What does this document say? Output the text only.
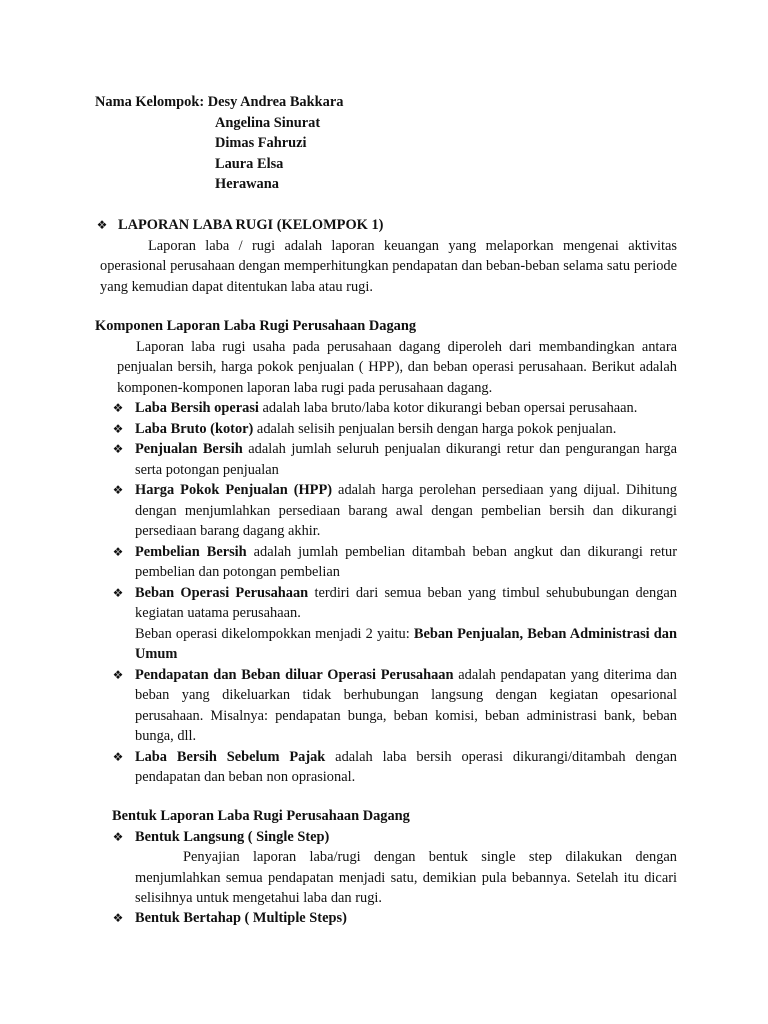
Nama Kelompok: Desy Andrea Bakkara
Angelina Sinurat
Dimas Fahruzi
Laura Elsa
Herawana
❖ LAPORAN LABA RUGI (KELOMPOK 1)
Laporan laba / rugi adalah laporan keuangan yang melaporkan mengenai aktivitas operasional perusahaan dengan memperhitungkan pendapatan dan beban-beban selama satu periode yang kemudian dapat ditentukan laba atau rugi.
Komponen Laporan Laba Rugi Perusahaan Dagang
Laporan laba rugi usaha pada perusahaan dagang diperoleh dari membandingkan antara penjualan bersih, harga pokok penjualan ( HPP), dan beban operasi perusahaan. Berikut adalah komponen-komponen laporan laba rugi pada perusahaan dagang.
❖ Laba Bersih operasi adalah laba bruto/laba kotor dikurangi beban opersai perusahaan.
❖ Laba Bruto (kotor) adalah selisih penjualan bersih dengan harga pokok penjualan.
❖ Penjualan Bersih adalah jumlah seluruh penjualan dikurangi retur dan pengurangan harga serta potongan penjualan
❖ Harga Pokok Penjualan (HPP) adalah harga perolehan persediaan yang dijual. Dihitung dengan menjumlahkan persediaan barang awal dengan pembelian bersih dan dikurangi persediaan barang dagang akhir.
❖ Pembelian Bersih adalah jumlah pembelian ditambah beban angkut dan dikurangi retur pembelian dan potongan pembelian
❖ Beban Operasi Perusahaan terdiri dari semua beban yang timbul sehububungan dengan kegiatan uatama perusahaan.
Beban operasi dikelompokkan menjadi 2 yaitu: Beban Penjualan, Beban Administrasi dan Umum
❖ Pendapatan dan Beban diluar Operasi Perusahaan adalah pendapatan yang diterima dan beban yang dikeluarkan tidak berhubungan langsung dengan kegiatan opesarional perusahaan. Misalnya: pendapatan bunga, beban komisi, beban administrasi bank, beban bunga, dll.
❖ Laba Bersih Sebelum Pajak adalah laba bersih operasi dikurangi/ditambah dengan pendapatan dan beban non oprasional.
Bentuk Laporan Laba Rugi Perusahaan Dagang
❖ Bentuk Langsung ( Single Step)
Penyajian laporan laba/rugi dengan bentuk single step dilakukan dengan menjumlahkan semua pendapatan menjadi satu, demikian pula bebannya. Setelah itu dicari selisihnya untuk mengetahui laba dan rugi.
❖ Bentuk Bertahap ( Multiple Steps)
